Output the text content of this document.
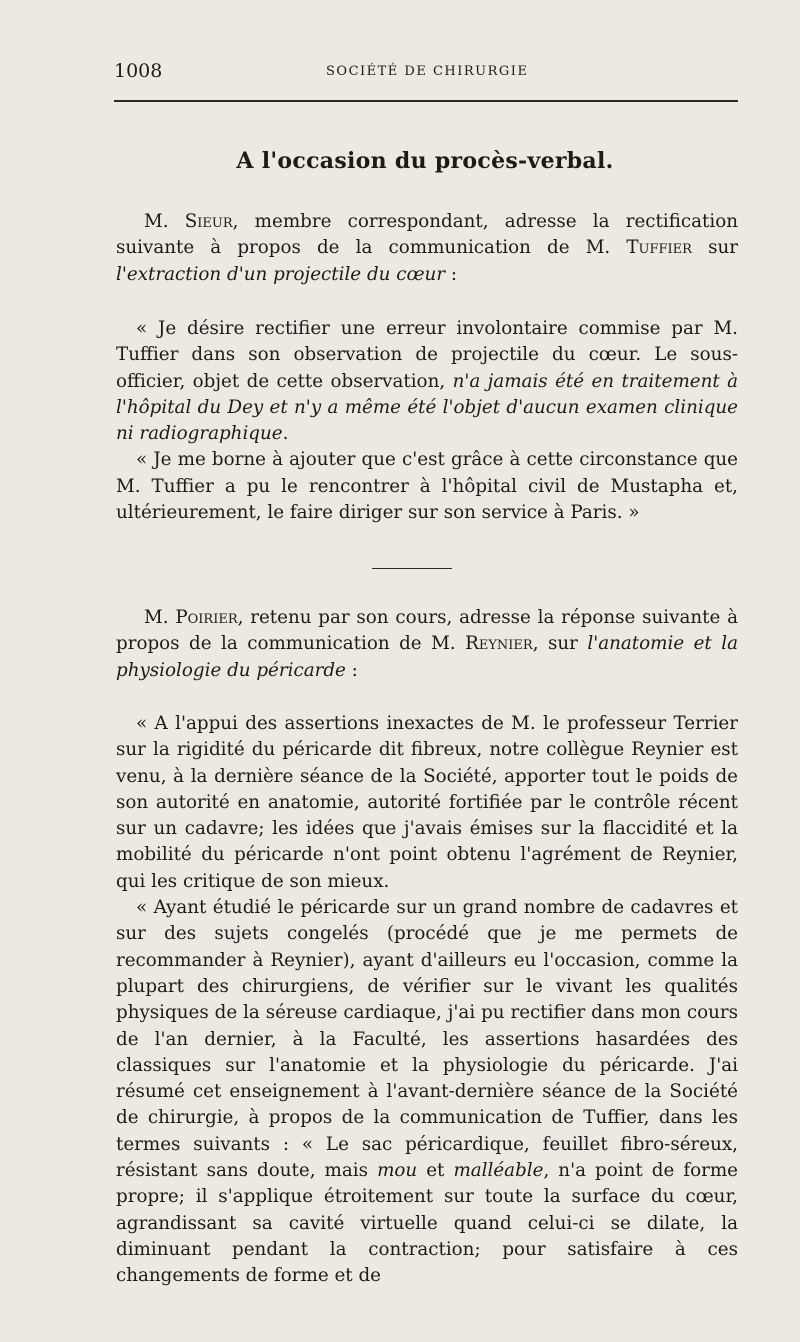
1008	SOCIÉTÉ DE CHIRURGIE
A l'occasion du procès-verbal.

M. Sieur, membre correspondant, adresse la rectification suivante à propos de la communication de M. Tuffier sur l'extraction d'un projectile du cœur :

« Je désire rectifier une erreur involontaire commise par M. Tuffier dans son observation de projectile du cœur. Le sous-officier, objet de cette observation, n'a jamais été en traitement à l'hôpital du Dey et n'y a même été l'objet d'aucun examen clinique ni radiographique.

« Je me borne à ajouter que c'est grâce à cette circonstance que M. Tuffier a pu le rencontrer à l'hôpital civil de Mustapha et, ultérieurement, le faire diriger sur son service à Paris. »

M. Poirier, retenu par son cours, adresse la réponse suivante à propos de la communication de M. Reynier, sur l'anatomie et la physiologie du péricarde :

« A l'appui des assertions inexactes de M. le professeur Terrier sur la rigidité du péricarde dit fibreux, notre collègue Reynier est venu, à la dernière séance de la Société, apporter tout le poids de son autorité en anatomie, autorité fortifiée par le contrôle récent sur un cadavre; les idées que j'avais émises sur la flaccidité et la mobilité du péricarde n'ont point obtenu l'agrément de Reynier, qui les critique de son mieux.

« Ayant étudié le péricarde sur un grand nombre de cadavres et sur des sujets congelés (procédé que je me permets de recommander à Reynier), ayant d'ailleurs eu l'occasion, comme la plupart des chirurgiens, de vérifier sur le vivant les qualités physiques de la séreuse cardiaque, j'ai pu rectifier dans mon cours de l'an dernier, à la Faculté, les assertions hasardées des classiques sur l'anatomie et la physiologie du péricarde. J'ai résumé cet enseignement à l'avant-dernière séance de la Société de chirurgie, à propos de la communication de Tuffier, dans les termes suivants : « Le sac péricardique, feuillet fibro-séreux, résistant sans doute, mais mou et malléable, n'a point de forme propre; il s'applique étroitement sur toute la surface du cœur, agrandissant sa cavité virtuelle quand celui-ci se dilate, la diminuant pendant la contraction; pour satisfaire à ces changements de forme et de
